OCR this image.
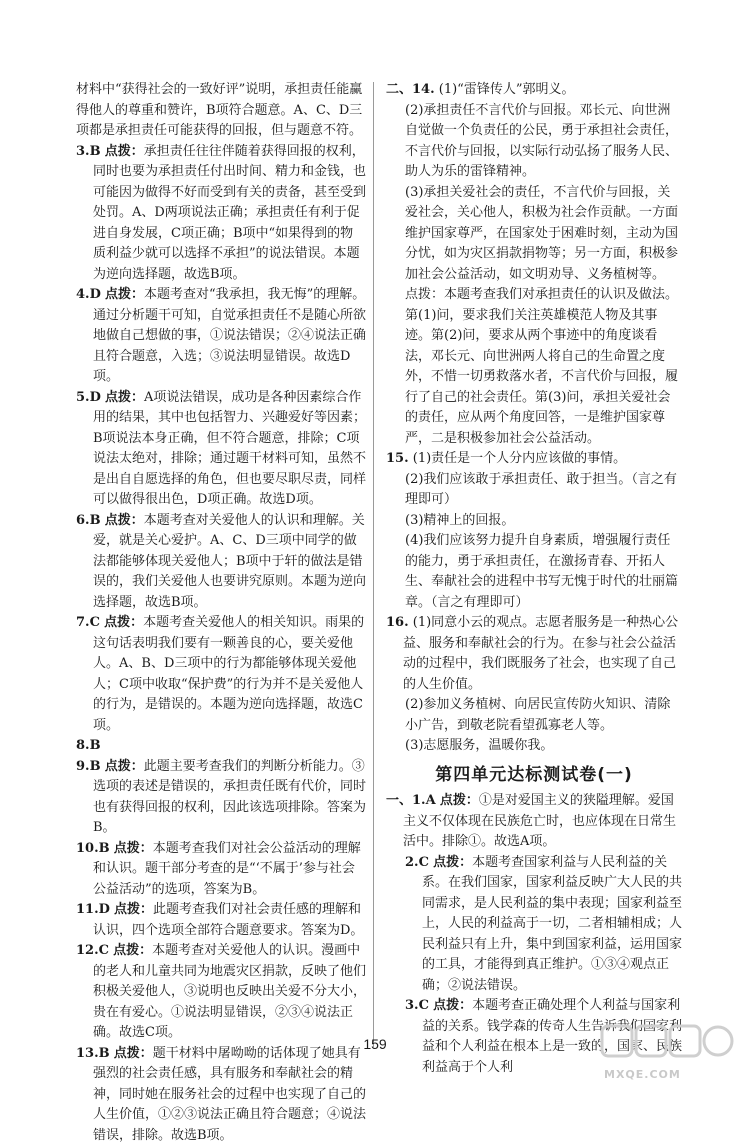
材料中“获得社会的一致好评”说明，承担责任能赢得他人的尊重和赞许，B项符合题意。A、C、D三项都是承担责任可能获得的回报，但与题意不符。

3.B 点拨：承担责任往往伴随着获得回报的权利，同时也要为承担责任付出时间、精力和金钱，也可能因为做得不好而受到有关的责备，甚至受到处罚。A、D两项说法正确；承担责任有利于促进自身发展，C项正确；B项中“如果得到的物质利益少就可以选择不承担”的说法错误。本题为逆向选择题，故选B项。

4.D 点拨：本题考查对“我承担，我无悔”的理解。通过分析题干可知，自觉承担责任不是随心所欲地做自己想做的事，①说法错误；②④说法正确且符合题意，入选；③说法明显错误。故选D项。

5.D 点拨：A项说法错误，成功是各种因素综合作用的结果，其中也包括智力、兴趣爱好等因素；B项说法本身正确，但不符合题意，排除；C项说法太绝对，排除；通过题干材料可知，虽然不是出自自愿选择的角色，但也要尽职尽责，同样可以做得很出色，D项正确。故选D项。

6.B 点拨：本题考查对关爱他人的认识和理解。关爱，就是关心爱护。A、C、D三项中同学的做法都能够体现关爱他人；B项中于轩的做法是错误的，我们关爱他人也要讲究原则。本题为逆向选择题，故选B项。

7.C 点拨：本题考查关爱他人的相关知识。雨果的这句话表明我们要有一颗善良的心，要关爱他人。A、B、D三项中的行为都能够体现关爱他人；C项中收取“保护费”的行为并不是关爱他人的行为，是错误的。本题为逆向选择题，故选C项。

8.B

9.B 点拨：此题主要考查我们的判断分析能力。③选项的表述是错误的，承担责任既有代价，同时也有获得回报的权利，因此该选项排除。答案为B。

10.B 点拨：本题考查我们对社会公益活动的理解和认识。题干部分考查的是“‘不属于’参与社会公益活动”的选项，答案为B。

11.D 点拨：此题考查我们对社会责任感的理解和认识，四个选项全部符合题意要求。答案为D。

12.C 点拨：本题考查对关爱他人的认识。漫画中的老人和儿童共同为地震灾区捐款，反映了他们积极关爱他人，③说明也反映出关爱不分大小，贵在有爱心。①说法明显错误，②③④说法正确。故选C项。

13.B 点拨：题干材料中屠呦呦的话体现了她具有强烈的社会责任感，具有服务和奉献社会的精神，同时她在服务社会的过程中也实现了自己的人生价值，①②③说法正确且符合题意；④说法错误，排除。故选B项。

二、14. (1)“雷锋传人”郭明义。

(2)承担责任不言代价与回报。邓长元、向世洲自觉做一个负责任的公民，勇于承担社会责任，不言代价与回报，以实际行动弘扬了服务人民、助人为乐的雷锋精神。

(3)承担关爱社会的责任，不言代价与回报，关爱社会，关心他人，积极为社会作贡献。一方面维护国家尊严，在国家处于困难时刻，主动为国分忧，如为灾区捐款捐物等；另一方面，积极参加社会公益活动，如文明劝导、义务植树等。

点拨：本题考查我们对承担责任的认识及做法。第(1)问，要求我们关注英雄模范人物及其事迹。第(2)问，要求从两个事迹中的角度谈看法，邓长元、向世洲两人将自己的生命置之度外，不惜一切勇救落水者，不言代价与回报，履行了自己的社会责任。第(3)问，承担关爱社会的责任，应从两个角度回答，一是维护国家尊严，二是积极参加社会公益活动。

15. (1)责任是一个人分内应该做的事情。

(2)我们应该敢于承担责任、敢于担当。（言之有理即可）

(3)精神上的回报。

(4)我们应该努力提升自身素质，增强履行责任的能力，勇于承担责任，在激扬青春、开拓人生、奉献社会的进程中书写无愧于时代的壮丽篇章。（言之有理即可）

16. (1)同意小云的观点。志愿者服务是一种热心公益、服务和奉献社会的行为。在参与社会公益活动的过程中，我们既服务了社会，也实现了自己的人生价值。

(2)参加义务植树、向居民宣传防火知识、清除小广告，到敬老院看望孤寡老人等。

(3)志愿服务，温暖你我。

第四单元达标测试卷(一)

一、1.A 点拨：①是对爱国主义的狭隘理解。爱国主义不仅体现在民族危亡时，也应体现在日常生活中。排除①。故选A项。

2.C 点拨：本题考查国家利益与人民利益的关系。在我们国家，国家利益反映广大人民的共同需求，是人民利益的集中表现；国家利益至上，人民的利益高于一切，二者相辅相成；人民利益只有上升，集中到国家利益，运用国家的工具，才能得到真正维护。①③④观点正确；②说法错误。

3.C 点拨：本题考查正确处理个人利益与国家利益的关系。钱学森的传奇人生告诉我们国家利益和个人利益在根本上是一致的，国家、民族利益高于个人利

159
MXQE.COM
